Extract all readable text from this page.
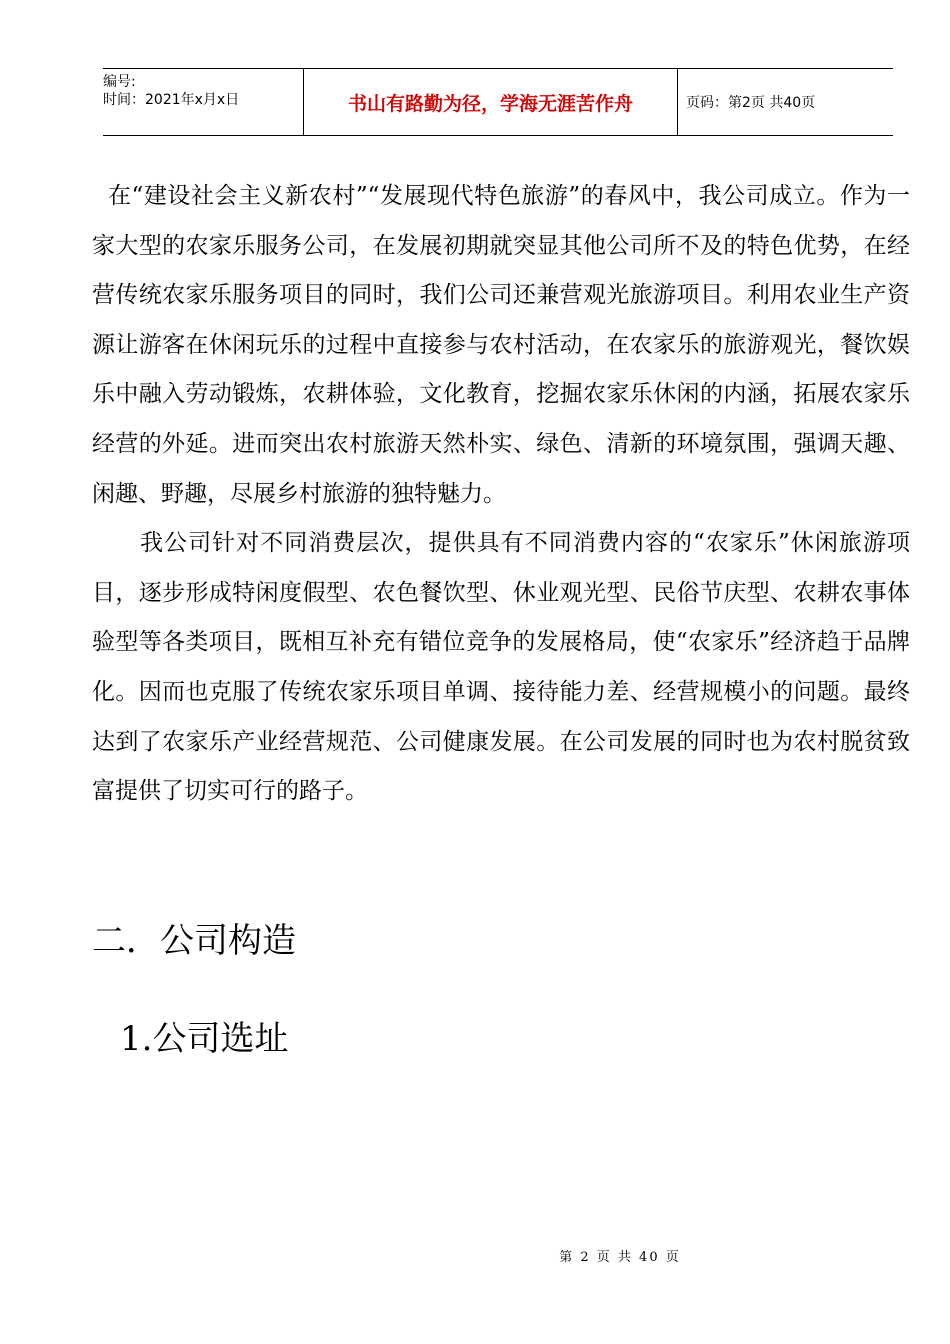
编号:
时间：2021年x月x日	书山有路勤为径，学海无涯苦作舟	页码：第2页 共40页

在“建设社会主义新农村”“发展现代特色旅游”的春风中，我公司成立。作为一家大型的农家乐服务公司，在发展初期就突显其他公司所不及的特色优势，在经营传统农家乐服务项目的同时，我们公司还兼营观光旅游项目。利用农业生产资源让游客在休闲玩乐的过程中直接参与农村活动，在农家乐的旅游观光，餐饮娱乐中融入劳动锻炼，农耕体验，文化教育，挖掘农家乐休闲的内涵，拓展农家乐经营的外延。进而突出农村旅游天然朴实、绿色、清新的环境氛围，强调天趣、闲趣、野趣，尽展乡村旅游的独特魅力。

我公司针对不同消费层次，提供具有不同消费内容的“农家乐”休闲旅游项目，逐步形成特闲度假型、农色餐饮型、休业观光型、民俗节庆型、农耕农事体验型等各类项目，既相互补充有错位竞争的发展格局，使“农家乐”经济趋于品牌化。因而也克服了传统农家乐项目单调、接待能力差、经营规模小的问题。最终达到了农家乐产业经营规范、公司健康发展。在公司发展的同时也为农村脱贫致富提供了切实可行的路子。

二．公司构造
1.公司选址
第 2 页 共 40 页
